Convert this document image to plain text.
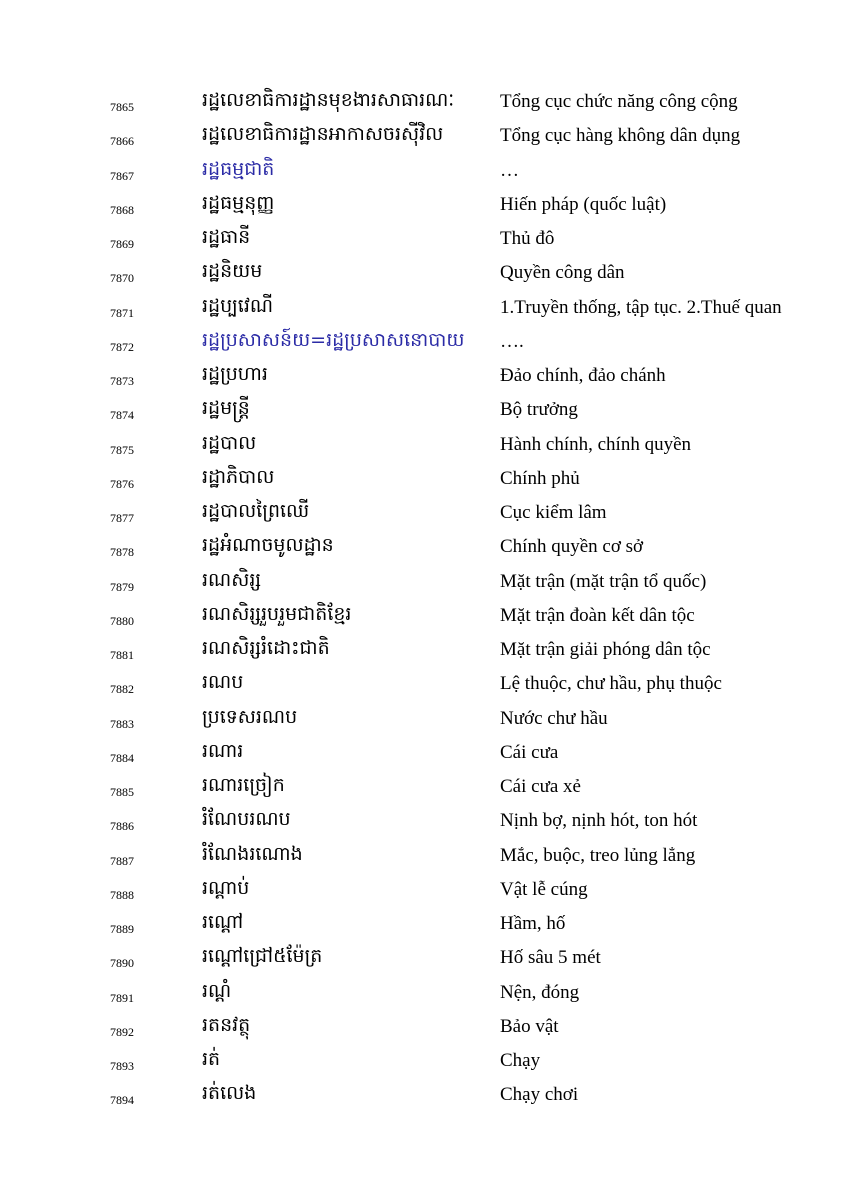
7865	រដ្ឋលេខាធិការដ្ឋានមុខងារសាធារណៈ Tổng cục chức năng công cộng
7866	រដ្ឋលេខាធិការដ្ឋានអាកាសចរស៊ីវិល	Tổng cục hàng không dân dụng
7867	រដ្ឋធម្មជាតិ	…
7868	រដ្ឋធម្មនុញ្ញ	Hiến pháp (quốc luật)
7869	រដ្ឋធានី	Thủ đô
7870	រដ្ឋនិយម	Quyền công dân
7871	រដ្ឋប្បវេណី	1.Truyền thống, tập tục. 2.Thuế quan
7872	រដ្ឋប្រសាសន៍យ=រដ្ឋប្រសាសនោបាយ ….
7873	រដ្ឋប្រហារ	Đảo chính, đảo chánh
7874	រដ្ឋមន្ត្រី	Bộ trưởng
7875	រដ្ឋបាល	Hành chính, chính quyền
7876	រដ្ឋាភិបាល	Chính phủ
7877	រដ្ឋបាលព្រៃឈើ	Cục kiểm lâm
7878	រដ្ឋអំណាចមូលដ្ឋាន	Chính quyền cơ sở
7879	រណសិរ្ស	Mặt trận (mặt trận tổ quốc)
7880	រណសិរ្សរួបរួមជាតិខ្មែរ	Mặt trận đoàn kết dân tộc
7881	រណសិរ្សរំដោះជាតិ	Mặt trận giải phóng dân tộc
7882	រណប	Lệ thuộc, chư hầu, phụ thuộc
7883	ប្រទេសរណប	Nước chư hầu
7884	រណារ	Cái cưa
7885	រណារច្រៀក	Cái cưa xẻ
7886	រំណែបរណប	Nịnh bợ, nịnh hót, ton hót
7887	រំណែងរណោង	Mắc, buộc, treo lủng lẳng
7888	រណ្ដាប់	Vật lễ cúng
7889	រណ្ដៅ	Hầm, hố
7890	រណ្ដៅជ្រៅ៥ម៉ែត្រ	Hố sâu 5 mét
7891	រណ្ដំ	Nện, đóng
7892	រតនវត្ថុ	Bảo vật
7893	រត់	Chạy
7894	រត់លេង	Chạy chơi
